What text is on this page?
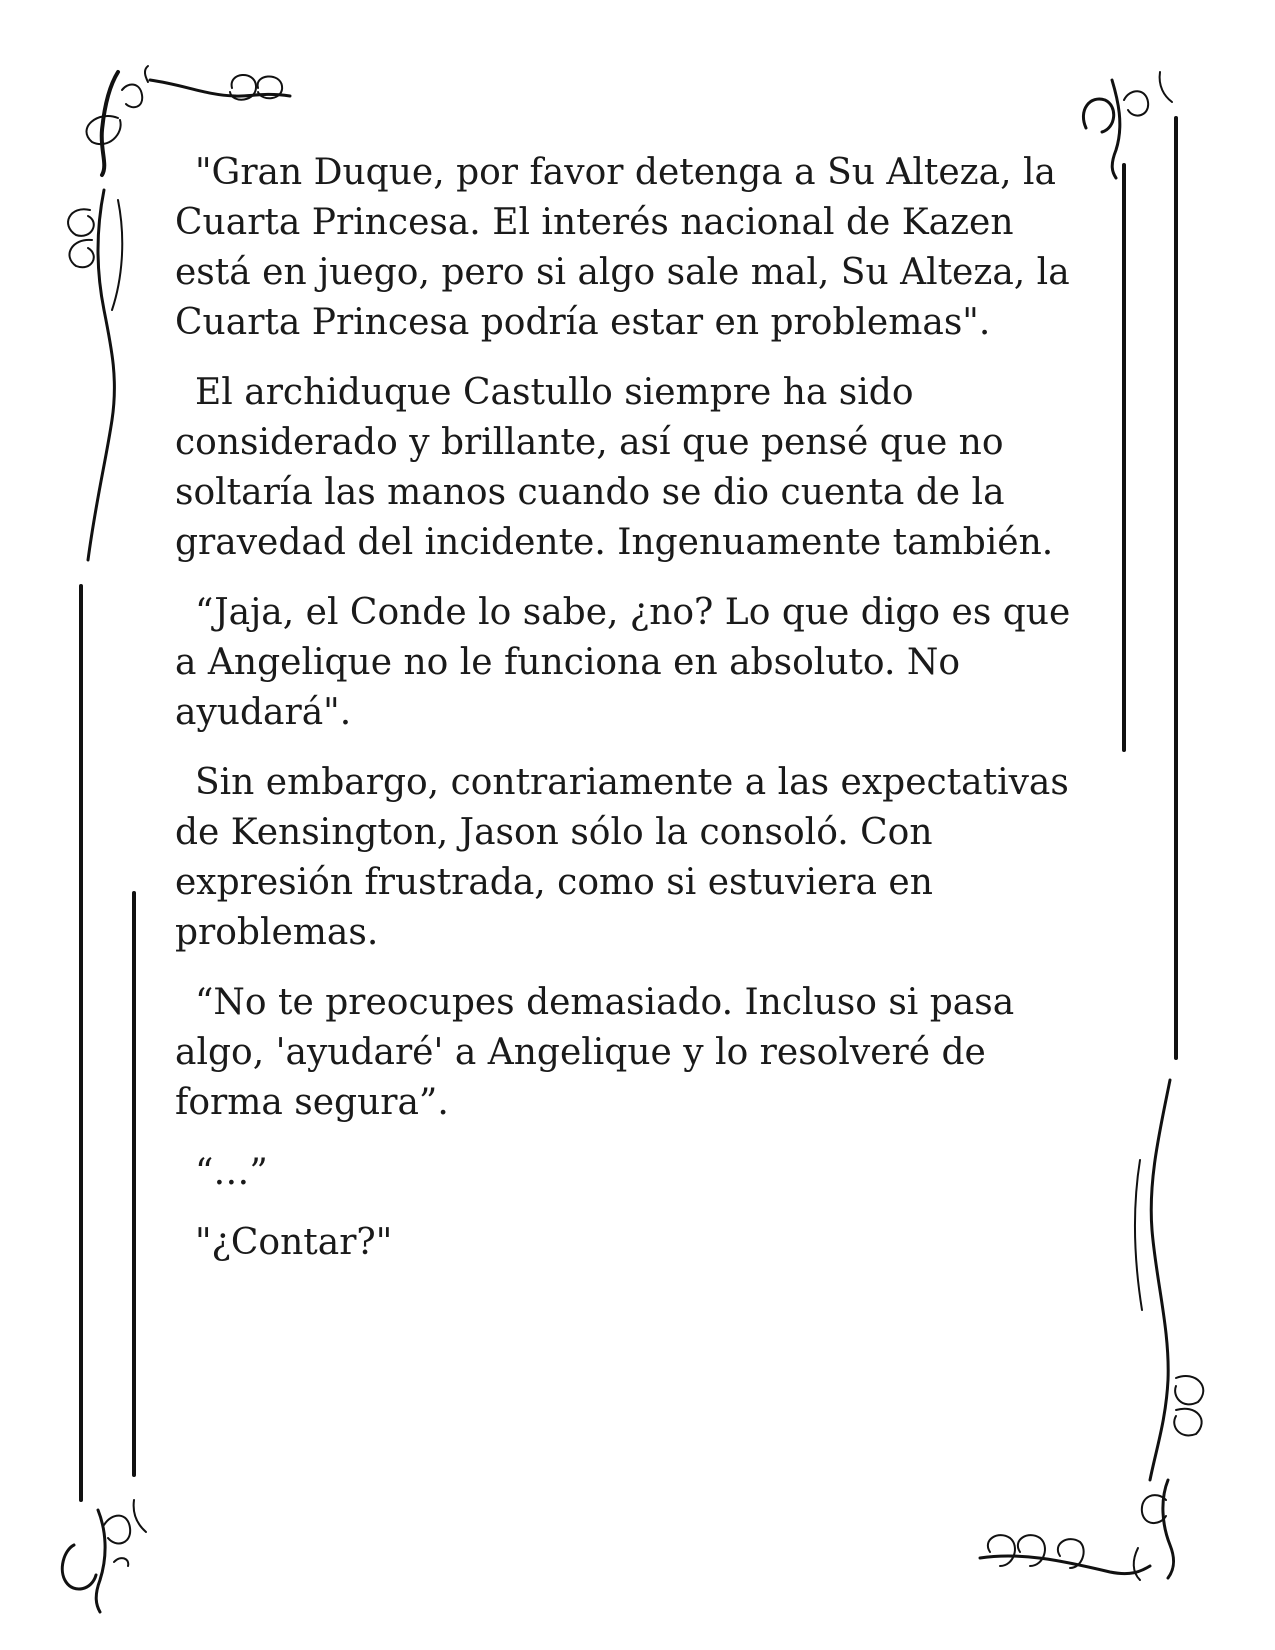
"Gran Duque, por favor detenga a Su Alteza, la Cuarta Princesa. El interés nacional de Kazen está en juego, pero si algo sale mal, Su Alteza, la Cuarta Princesa podría estar en problemas".

El archiduque Castullo siempre ha sido considerado y brillante, así que pensé que no soltaría las manos cuando se dio cuenta de la gravedad del incidente. Ingenuamente también.

“Jaja, el Conde lo sabe, ¿no? Lo que digo es que a Angelique no le funciona en absoluto. No ayudará".

Sin embargo, contrariamente a las expectativas de Kensington, Jason sólo la consoló. Con expresión frustrada, como si estuviera en problemas.

“No te preocupes demasiado. Incluso si pasa algo, 'ayudaré' a Angelique y lo resolveré de forma segura”.

“…”

"¿Contar?"
